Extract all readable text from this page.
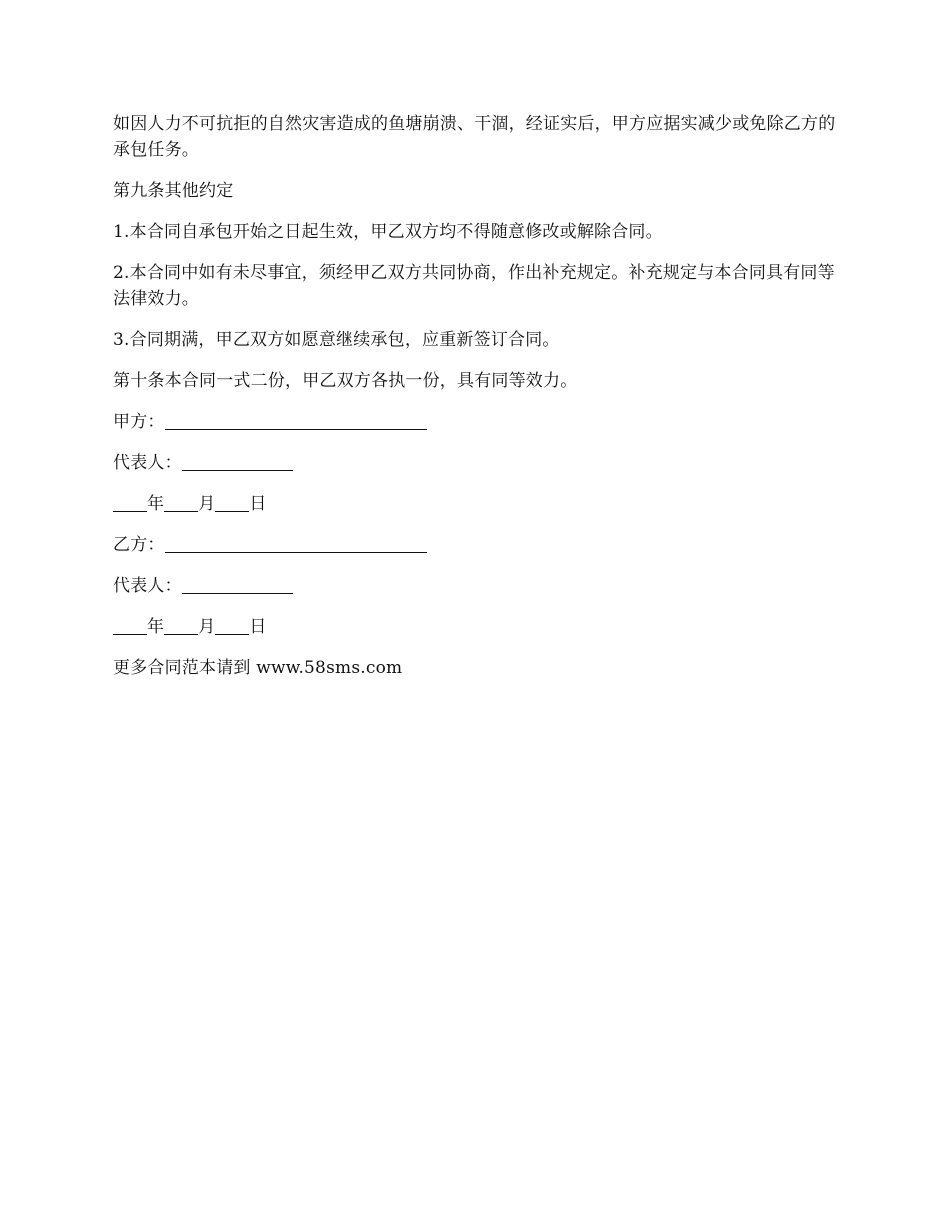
如因人力不可抗拒的自然灾害造成的鱼塘崩溃、干涸，经证实后，甲方应据实减少或免除乙方的承包任务。

第九条其他约定

1.本合同自承包开始之日起生效，甲乙双方均不得随意修改或解除合同。

2.本合同中如有未尽事宜，须经甲乙双方共同协商，作出补充规定。补充规定与本合同具有同等法律效力。

3.合同期满，甲乙双方如愿意继续承包，应重新签订合同。

第十条本合同一式二份，甲乙双方各执一份，具有同等效力。

甲方：

代表人：

年 月 日

乙方：

代表人：

年 月 日

更多合同范本请到 www.58sms.com
